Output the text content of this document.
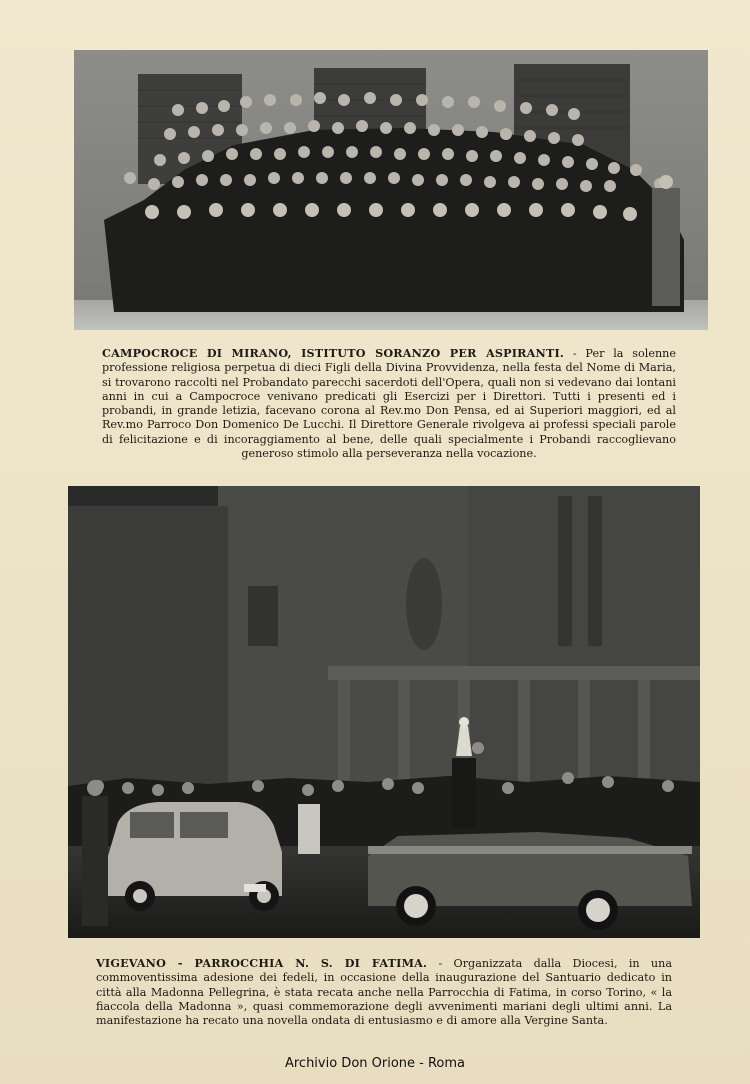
CAMPOCROCE DI MIRANO, ISTITUTO SORANZO PER ASPIRANTI. - Per la solenne professione religiosa perpetua di dieci Figli della Divina Provvidenza, nella festa del Nome di Maria, si trovarono raccolti nel Probandato parecchi sacerdoti dell'Opera, quali non si vedevano dai lontani anni in cui a Campocroce venivano predicati gli Esercizi per i Direttori. Tutti i presenti ed i probandi, in grande letizia, facevano corona al Rev.mo Don Pensa, ed ai Superiori maggiori, ed al Rev.mo Parroco Don Domenico De Lucchi. Il Direttore Generale rivolgeva ai professi speciali parole di felicitazione e di incoraggiamento al bene, delle quali specialmente i Probandi raccoglievano generoso stimolo alla perseveranza nella vocazione.
VIGEVANO - PARROCCHIA N. S. DI FATIMA. - Organizzata dalla Diocesi, in una commoventissima adesione dei fedeli, in occasione della inaugurazione del Santuario dedicato in città alla Madonna Pellegrina, è stata recata anche nella Parrocchia di Fatima, in corso Torino, « la fiaccola della Madonna », quasi commemorazione degli avvenimenti mariani degli ultimi anni. La manifestazione ha recato una novella ondata di entusiasmo e di amore alla Vergine Santa.
Archivio Don Orione - Roma
